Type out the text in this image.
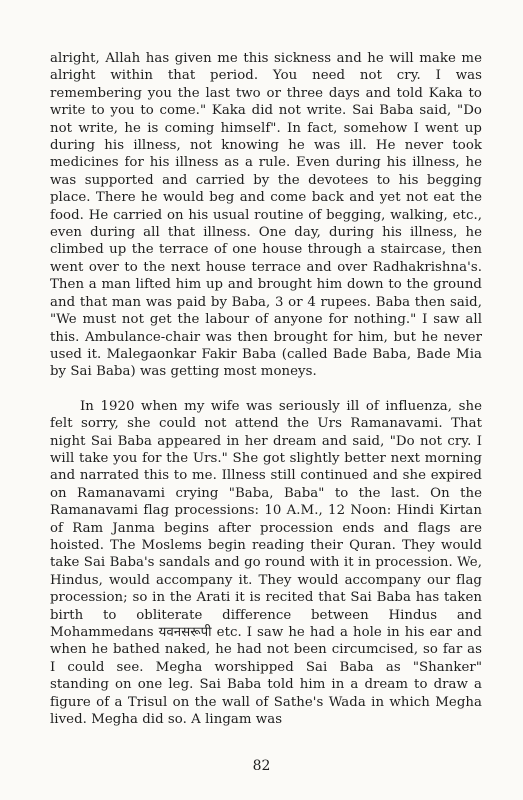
alright, Allah has given me this sickness and he will make me alright within that period. You need not cry. I was remembering you the last two or three days and told Kaka to write to you to come." Kaka did not write. Sai Baba said, "Do not write, he is coming himself". In fact, somehow I went up during his illness, not knowing he was ill. He never took medicines for his illness as a rule. Even during his illness, he was supported and carried by the devotees to his begging place. There he would beg and come back and yet not eat the food. He carried on his usual routine of begging, walking, etc., even during all that illness. One day, during his illness, he climbed up the terrace of one house through a staircase, then went over to the next house terrace and over Radhakrishna's. Then a man lifted him up and brought him down to the ground and that man was paid by Baba, 3 or 4 rupees. Baba then said, "We must not get the labour of anyone for nothing." I saw all this. Ambulance-chair was then brought for him, but he never used it. Malegaonkar Fakir Baba (called Bade Baba, Bade Mia by Sai Baba) was getting most moneys.

In 1920 when my wife was seriously ill of influenza, she felt sorry, she could not attend the Urs Ramanavami. That night Sai Baba appeared in her dream and said, "Do not cry. I will take you for the Urs." She got slightly better next morning and narrated this to me. Illness still continued and she expired on Ramanavami crying "Baba, Baba" to the last. On the Ramanavami flag processions: 10 A.M., 12 Noon: Hindi Kirtan of Ram Janma begins after procession ends and flags are hoisted. The Moslems begin reading their Quran. They would take Sai Baba's sandals and go round with it in procession. We, Hindus, would accompany it. They would accompany our flag procession; so in the Arati it is recited that Sai Baba has taken birth to obliterate difference between Hindus and Mohammedans यवनसरूपी etc. I saw he had a hole in his ear and when he bathed naked, he had not been circumcised, so far as I could see. Megha worshipped Sai Baba as "Shanker" standing on one leg. Sai Baba told him in a dream to draw a figure of a Trisul on the wall of Sathe's Wada in which Megha lived. Megha did so. A lingam was

82
